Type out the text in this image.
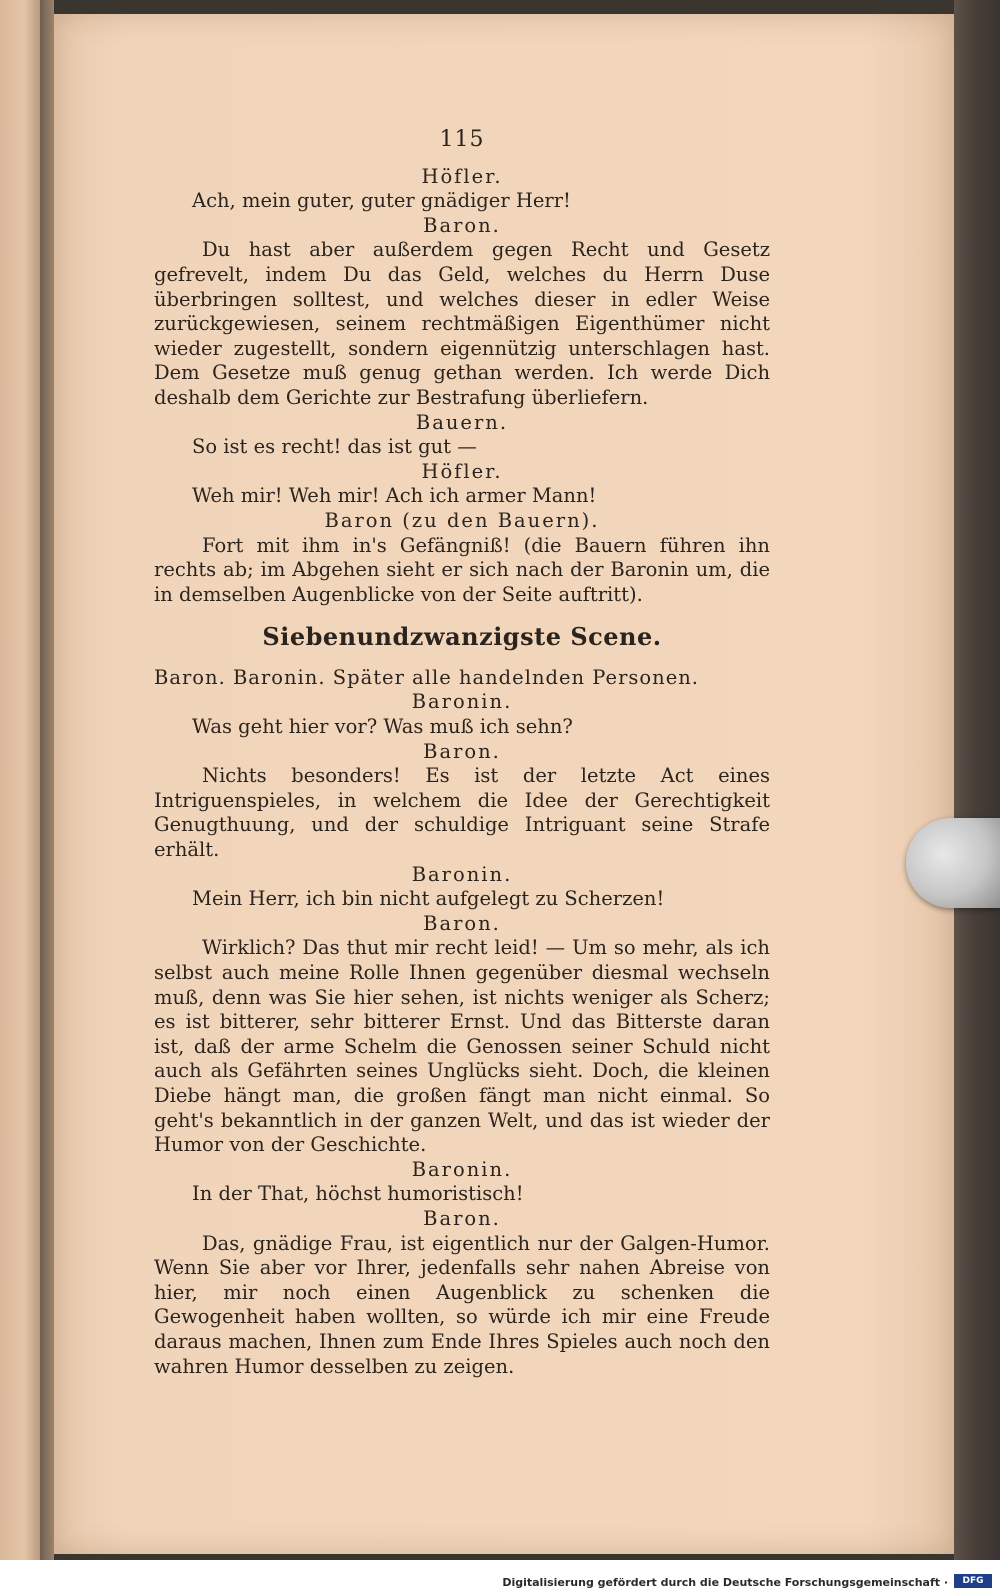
115
Höfler.

Ach, mein guter, guter gnädiger Herr!

Baron.

Du hast aber außerdem gegen Recht und Gesetz gefrevelt, indem Du das Geld, welches du Herrn Duse überbringen solltest, und welches dieser in edler Weise zurückgewiesen, seinem rechtmäßigen Eigenthümer nicht wieder zugestellt, sondern eigennützig unterschlagen hast. Dem Gesetze muß genug gethan werden. Ich werde Dich deshalb dem Gerichte zur Bestrafung überliefern.

Bauern.

So ist es recht! das ist gut —

Höfler.

Weh mir! Weh mir! Ach ich armer Mann!

Baron (zu den Bauern).

Fort mit ihm in's Gefängniß! (die Bauern führen ihn rechts ab; im Abgehen sieht er sich nach der Baronin um, die in demselben Augenblicke von der Seite auftritt).

Siebenundzwanzigste Scene.

Baron. Baronin. Später alle handelnden Personen.

Baronin.

Was geht hier vor? Was muß ich sehn?

Baron.

Nichts besonders! Es ist der letzte Act eines Intriguenspieles, in welchem die Idee der Gerechtigkeit Genugthuung, und der schuldige Intriguant seine Strafe erhält.

Baronin.

Mein Herr, ich bin nicht aufgelegt zu Scherzen!

Baron.

Wirklich? Das thut mir recht leid! — Um so mehr, als ich selbst auch meine Rolle Ihnen gegenüber diesmal wechseln muß, denn was Sie hier sehen, ist nichts weniger als Scherz; es ist bitterer, sehr bitterer Ernst. Und das Bitterste daran ist, daß der arme Schelm die Genossen seiner Schuld nicht auch als Gefährten seines Unglücks sieht. Doch, die kleinen Diebe hängt man, die großen fängt man nicht einmal. So geht's bekanntlich in der ganzen Welt, und das ist wieder der Humor von der Geschichte.

Baronin.

In der That, höchst humoristisch!

Baron.

Das, gnädige Frau, ist eigentlich nur der Galgen-Humor. Wenn Sie aber vor Ihrer, jedenfalls sehr nahen Abreise von hier, mir noch einen Augenblick zu schenken die Gewogenheit haben wollten, so würde ich mir eine Freude daraus machen, Ihnen zum Ende Ihres Spieles auch noch den wahren Humor desselben zu zeigen.

Digitalisierung gefördert durch die Deutsche Forschungsgemeinschaft ·	DFG
